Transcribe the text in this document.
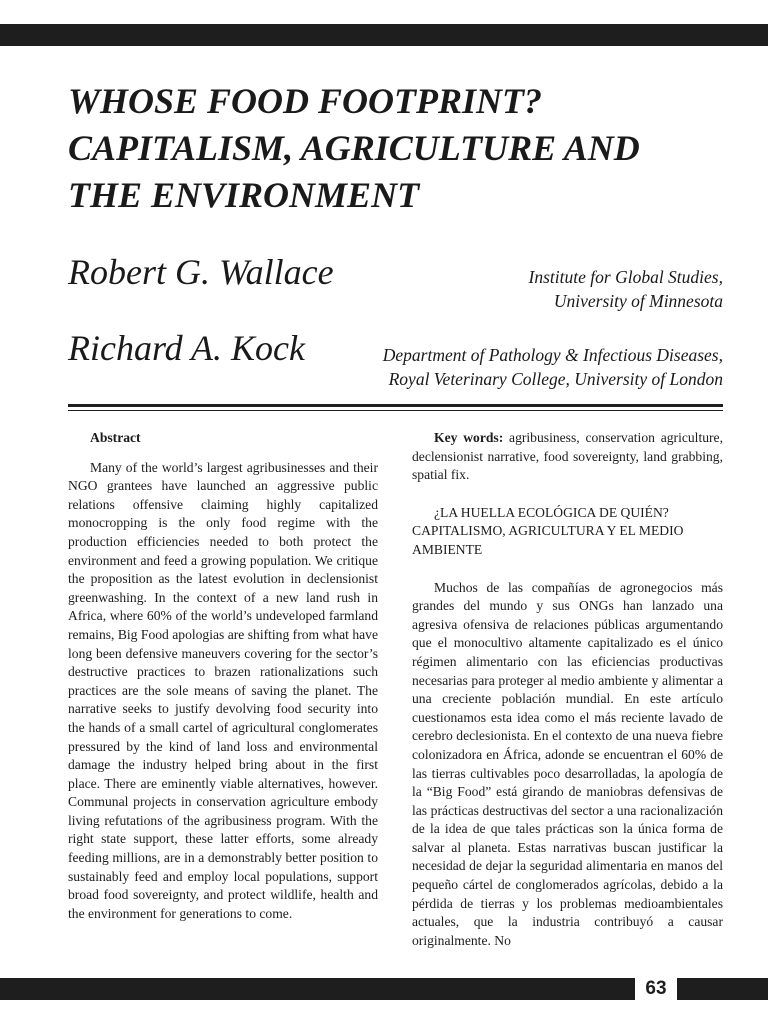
WHOSE FOOD FOOTPRINT?
CAPITALISM, AGRICULTURE AND
THE ENVIRONMENT
Robert G. Wallace	Institute for Global Studies,
University of Minnesota
Richard A. Kock	Department of Pathology & Infectious Diseases,
Royal Veterinary College, University of London

Abstract

Many of the world’s largest agribusinesses and their NGO grantees have launched an aggressive public relations offensive claiming highly capitalized monocropping is the only food regime with the production efficiencies needed to both protect the environment and feed a growing population. We critique the proposition as the latest evolution in declensionist greenwashing. In the context of a new land rush in Africa, where 60% of the world’s undeveloped farmland remains, Big Food apologias are shifting from what have long been defensive maneuvers covering for the sector’s destructive practices to brazen rationalizations such practices are the sole means of saving the planet. The narrative seeks to justify devolving food security into the hands of a small cartel of agricultural conglomerates pressured by the kind of land loss and environmental damage the industry helped bring about in the first place. There are eminently viable alternatives, however. Communal projects in conservation agriculture embody living refutations of the agribusiness program. With the right state support, these latter efforts, some already feeding millions, are in a demonstrably better position to sustainably feed and employ local populations, support broad food sovereignty, and protect wildlife, health and the environment for generations to come.

Key words: agribusiness, conservation agriculture, declensionist narrative, food sovereignty, land grabbing, spatial fix.

¿LA HUELLA ECOLÓGICA DE QUIÉN? CAPITALISMO, AGRICULTURA Y EL MEDIO AMBIENTE

Muchos de las compañías de agronegocios más grandes del mundo y sus ONGs han lanzado una agresiva ofensiva de relaciones públicas argumentando que el monocultivo altamente capitalizado es el único régimen alimentario con las eficiencias productivas necesarias para proteger al medio ambiente y alimentar a una creciente población mundial. En este artículo cuestionamos esta idea como el más reciente lavado de cerebro declesionista. En el contexto de una nueva fiebre colonizadora en África, adonde se encuentran el 60% de las tierras cultivables poco desarrolladas, la apología de la “Big Food” está girando de maniobras defensivas de las prácticas destructivas del sector a una racionalización de la idea de que tales prácticas son la única forma de salvar al planeta. Estas narrativas buscan justificar la necesidad de dejar la seguridad alimentaria en manos del pequeño cártel de conglomerados agrícolas, debido a la pérdida de tierras y los problemas medioambientales actuales, que la industria contribuyó a causar originalmente. No

63
